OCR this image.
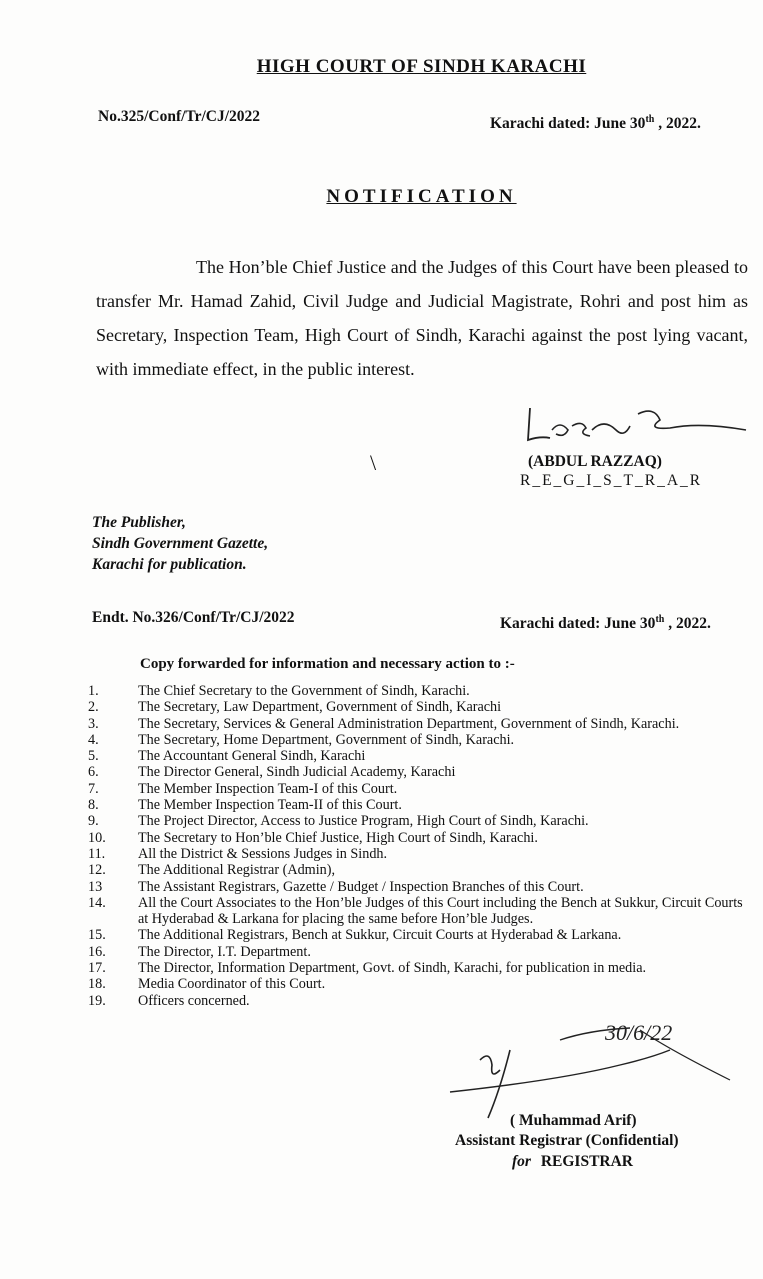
HIGH COURT OF SINDH KARACHI
No.325/Conf/Tr/CJ/2022	Karachi dated: June 30th , 2022.
NOTIFICATION
The Hon’ble Chief Justice and the Judges of this Court have been pleased to transfer Mr. Hamad Zahid, Civil Judge and Judicial Magistrate, Rohri and post him as Secretary, Inspection Team, High Court of Sindh, Karachi against the post lying vacant, with immediate effect, in the public interest.
\	(ABDUL RAZZAQ)
R_E_G_I_S_T_R_A_R
The Publisher,
Sindh Government Gazette,
Karachi for publication.
Endt. No.326/Conf/Tr/CJ/2022	Karachi dated: June 30th , 2022.
Copy forwarded for information and necessary action to :-
1.	The Chief Secretary to the Government of Sindh, Karachi.
2.	The Secretary, Law Department, Government of Sindh, Karachi
3.	The Secretary, Services & General Administration Department, Government of Sindh, Karachi.
4.	The Secretary, Home Department, Government of Sindh, Karachi.
5.	The Accountant General Sindh, Karachi
6.	The Director General, Sindh Judicial Academy, Karachi
7.	The Member Inspection Team-I of this Court.
8.	The Member Inspection Team-II of this Court.
9.	The Project Director, Access to Justice Program, High Court of Sindh, Karachi.
10.	The Secretary to Hon’ble Chief Justice, High Court of Sindh, Karachi.
11.	All the District & Sessions Judges in Sindh.
12.	The Additional Registrar (Admin),
13	The Assistant Registrars, Gazette / Budget / Inspection Branches of this Court.
14.	All the Court Associates to the Hon’ble Judges of this Court including the Bench at Sukkur, Circuit Courts at Hyderabad & Larkana for placing the same before Hon’ble Judges.
15.	The Additional Registrars, Bench at Sukkur, Circuit Courts at Hyderabad & Larkana.
16.	The Director, I.T. Department.
17.	The Director, Information Department, Govt. of Sindh, Karachi, for publication in media.
18.	Media Coordinator of this Court.
19.	Officers concerned.
30/6/22
( Muhammad Arif)
Assistant Registrar (Confidential)
for REGISTRAR
